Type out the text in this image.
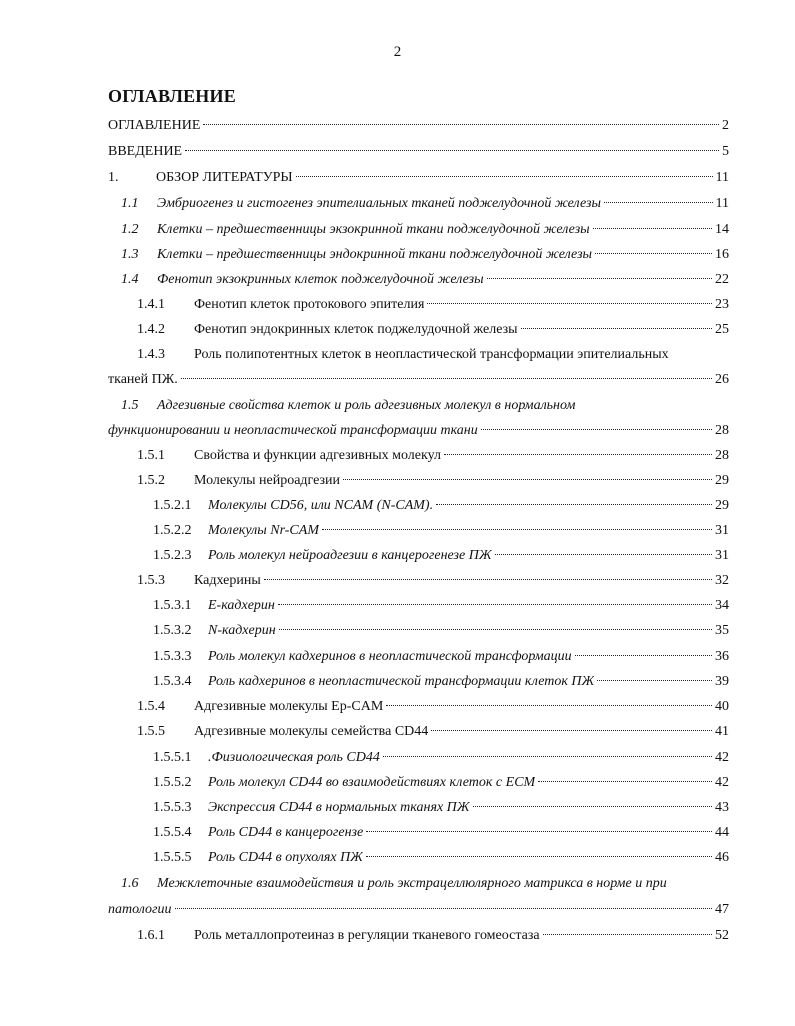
2
ОГЛАВЛЕНИЕ
ОГЛАВЛЕНИЕ	2
ВВЕДЕНИЕ	5
1.	ОБЗОР ЛИТЕРАТУРЫ	11
1.1	Эмбриогенез и гистогенез эпителиальных тканей поджелудочной железы	11
1.2	Клетки – предшественницы экзокринной ткани поджелудочной железы	14
1.3	Клетки – предшественницы эндокринной ткани поджелудочной железы	16
1.4	Фенотип экзокринных клеток поджелудочной железы	22
1.4.1	Фенотип клеток протокового эпителия	23
1.4.2	Фенотип эндокринных клеток поджелудочной железы	25
1.4.3 Роль полипотентных клеток в неопластической трансформации эпителиальных
тканей ПЖ.	26
1.5 Адгезивные свойства клеток и роль адгезивных молекул в нормальном
функционировании и неопластической трансформации ткани	28
1.5.1	Свойства и функции адгезивных молекул	28
1.5.2	Молекулы нейроадгезии	29
1.5.2.1	Молекулы CD56, или NCAM (N-CAM).	29
1.5.2.2	Молекулы Nr-CAM	31
1.5.2.3	Роль молекул нейроадгезии в канцерогенезе ПЖ	31
1.5.3	Кадхерины	32
1.5.3.1	Е-кадхерин	34
1.5.3.2	N-кадхерин	35
1.5.3.3	Роль молекул кадхеринов в неопластической трансформации	36
1.5.3.4	Роль кадхеринов в неопластической трансформации клеток ПЖ	39
1.5.4	Адгезивные молекулы Ep-CAM	40
1.5.5	Адгезивные молекулы семейства CD44	41
1.5.5.1	.Физиологическая роль CD44	42
1.5.5.2	Роль молекул CD44 во взаимодействиях клеток с ЕСМ	42
1.5.5.3	Экспрессия CD44 в нормальных тканях ПЖ	43
1.5.5.4	Роль CD44 в канцерогензе	44
1.5.5.5	Роль CD44 в опухолях ПЖ	46
1.6 Межклеточные взаимодействия и роль экстрацеллюлярного матрикса в норме и при
патологии	47
1.6.1	Роль металлопротеиназ в регуляции тканевого гомеостаза	52
